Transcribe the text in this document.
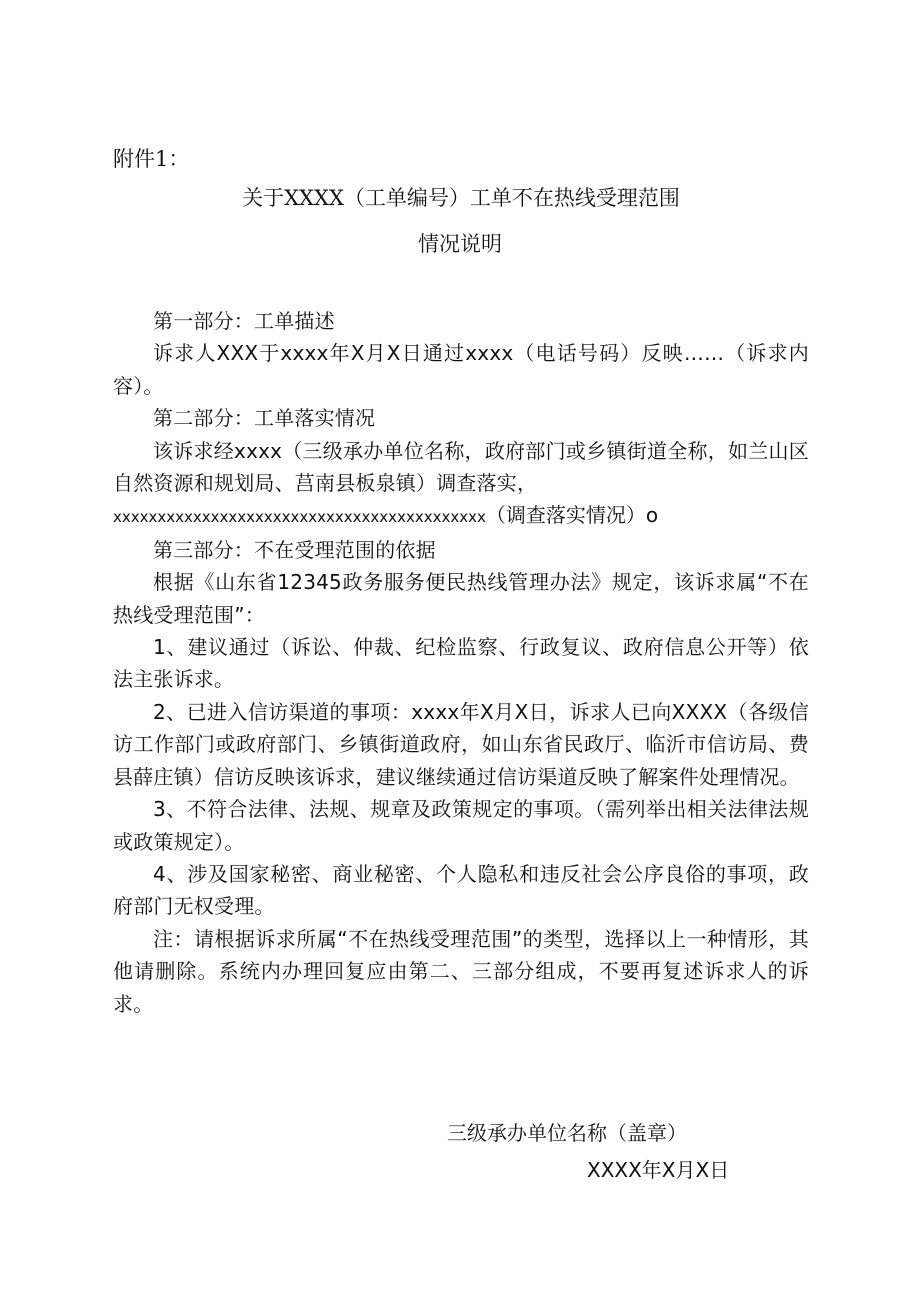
附件1：
关于XXXX（工单编号）工单不在热线受理范围
情况说明

第一部分：工单描述

诉求人XXX于xxxx年X月X日通过xxxx（电话号码）反映……（诉求内容）。

第二部分：工单落实情况

该诉求经xxxx（三级承办单位名称，政府部门或乡镇街道全称，如兰山区自然资源和规划局、莒南县板泉镇）调查落实，

xxxxxxxxxxxxxxxxxxxxxxxxxxxxxxxxxxxxxxxxxx（调查落实情况）o

第三部分：不在受理范围的依据

根据《山东省12345政务服务便民热线管理办法》规定，该诉求属“不在热线受理范围”：

1、建议通过（诉讼、仲裁、纪检监察、行政复议、政府信息公开等）依法主张诉求。

2、已进入信访渠道的事项：xxxx年X月X日，诉求人已向XXXX（各级信访工作部门或政府部门、乡镇街道政府，如山东省民政厅、临沂市信访局、费县薛庄镇）信访反映该诉求，建议继续通过信访渠道反映了解案件处理情况。

3、不符合法律、法规、规章及政策规定的事项。（需列举出相关法律法规或政策规定）。

4、涉及国家秘密、商业秘密、个人隐私和违反社会公序良俗的事项，政府部门无权受理。

注：请根据诉求所属“不在热线受理范围”的类型，选择以上一种情形，其他请删除。系统内办理回复应由第二、三部分组成，不要再复述诉求人的诉求。

三级承办单位名称（盖章）
XXXX年X月X日
